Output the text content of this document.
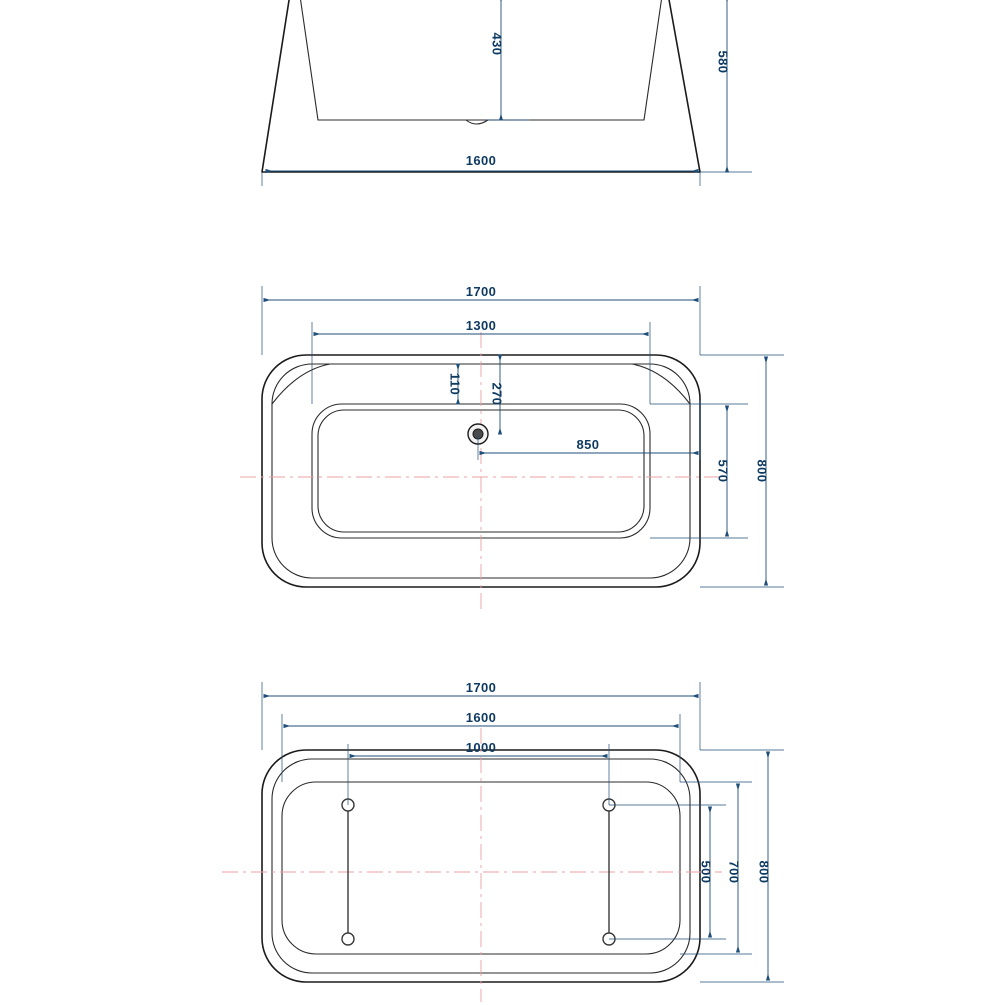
430
580
1600
1700
1300
110 270
850
570 800
1700
1600
1000
500 700 800
